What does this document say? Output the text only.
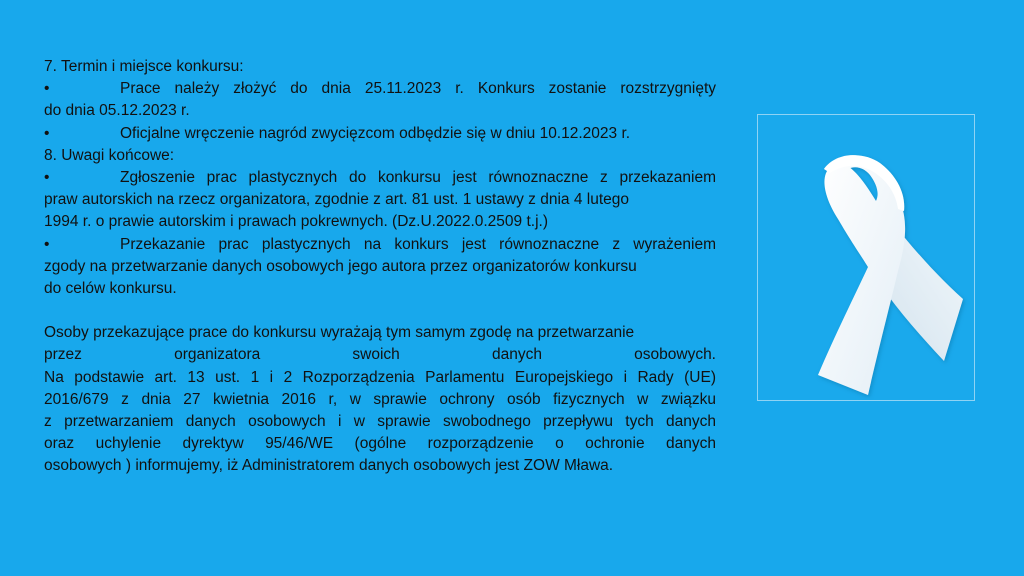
7. Termin i miejsce konkursu:
•	Prace należy złożyć do dnia 25.11.2023 r. Konkurs zostanie rozstrzygnięty
do dnia 05.12.2023 r.
•	Oficjalne wręczenie nagród zwycięzcom odbędzie się w dniu 10.12.2023 r.
8. Uwagi końcowe:
•	Zgłoszenie prac plastycznych do konkursu jest równoznaczne z przekazaniem
praw autorskich na rzecz organizatora, zgodnie z art. 81 ust. 1 ustawy z dnia 4 lutego
1994 r. o prawie autorskim i prawach pokrewnych. (Dz.U.2022.0.2509 t.j.)
•	Przekazanie prac plastycznych na konkurs jest równoznaczne z wyrażeniem
zgody na przetwarzanie danych osobowych jego autora przez organizatorów konkursu
do celów konkursu.
Osoby przekazujące prace do konkursu wyrażają tym samym zgodę na przetwarzanie
przez organizatora swoich danych osobowych.
Na podstawie art. 13 ust. 1 i 2 Rozporządzenia Parlamentu Europejskiego i Rady (UE)
2016/679 z dnia 27 kwietnia 2016 r, w sprawie ochrony osób fizycznych w związku
z przetwarzaniem danych osobowych i w sprawie swobodnego przepływu tych danych
oraz uchylenie dyrektyw 95/46/WE (ogólne rozporządzenie o ochronie danych
osobowych ) informujemy, iż Administratorem danych osobowych jest ZOW Mława.
